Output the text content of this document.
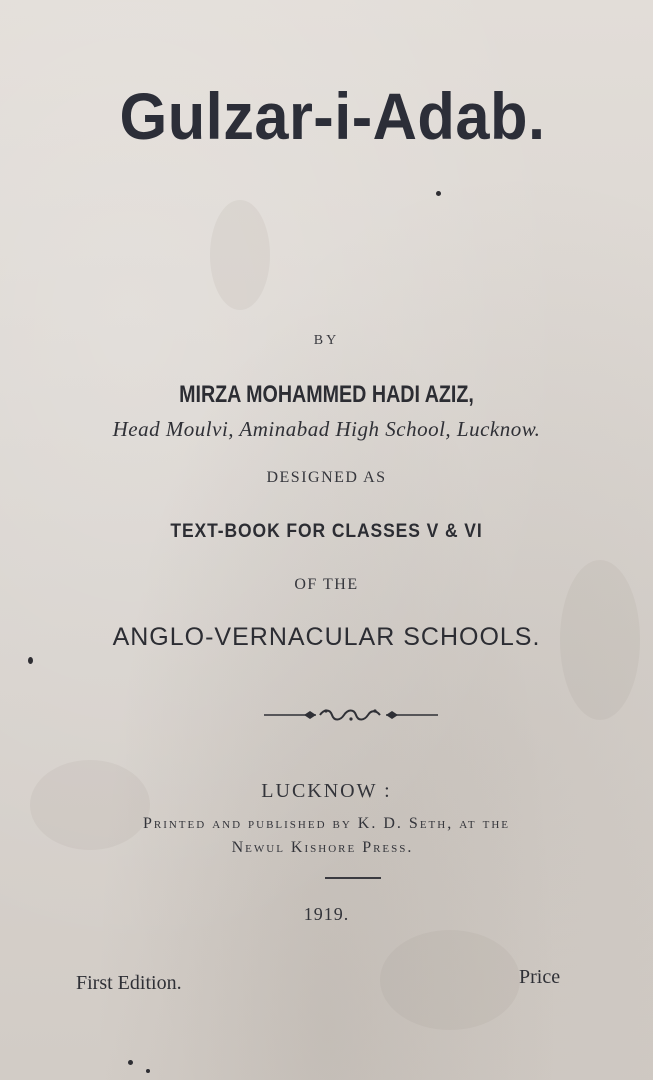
Gulzar-i-Adab.
BY
MIRZA MOHAMMED HADI AZIZ,
Head Moulvi, Aminabad High School, Lucknow.
DESIGNED AS
TEXT-BOOK FOR CLASSES V & VI
OF THE
ANGLO-VERNACULAR SCHOOLS.
LUCKNOW :
Printed and published by K. D. Seth, at the
Newul Kishore Press.
1919.
First Edition.	Price
